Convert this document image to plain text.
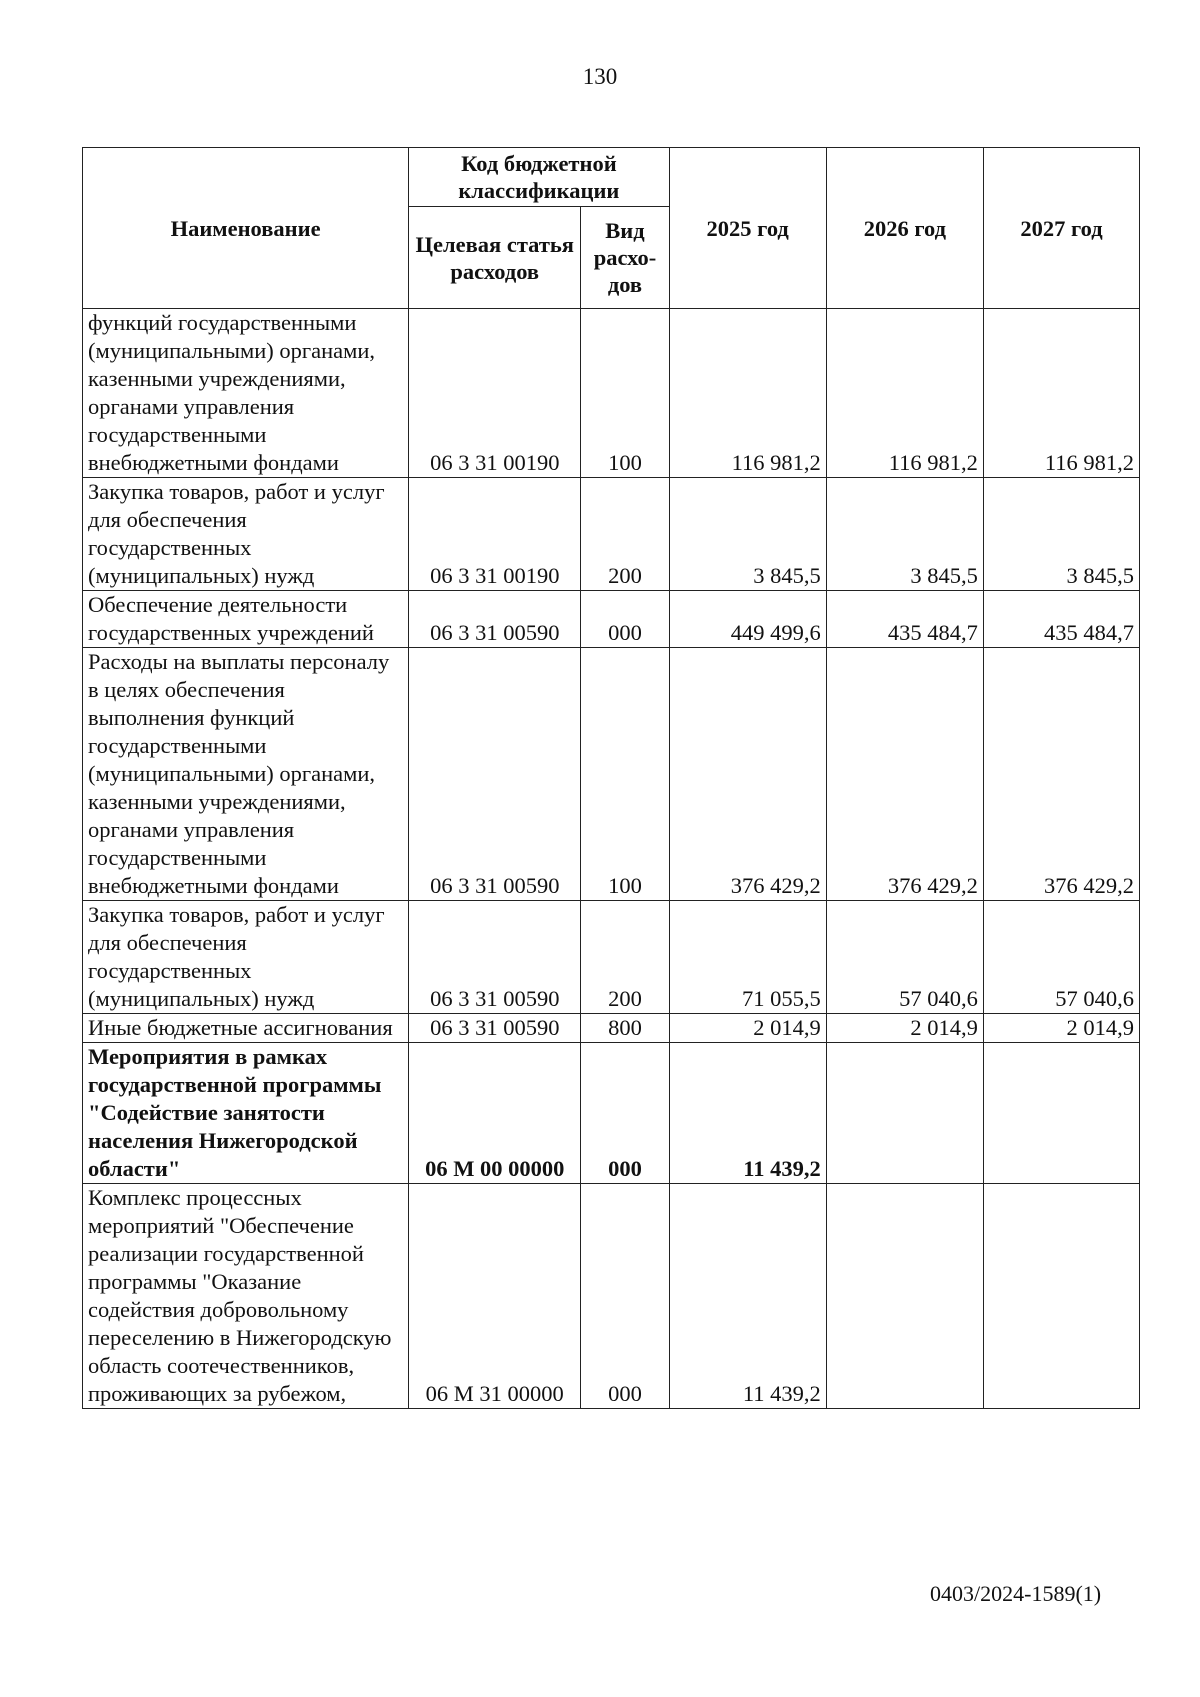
130
Наименование	Код бюджетной классификации		2025 год	2026 год	2027 год
	Целевая статья расходов	Вид расхо-дов			
функций государственными (муниципальными) органами, казенными учреждениями, органами управления государственными внебюджетными фондами	06 3 31 00190	100	116 981,2	116 981,2	116 981,2
Закупка товаров, работ и услуг для обеспечения государственных (муниципальных) нужд	06 3 31 00190	200	3 845,5	3 845,5	3 845,5
Обеспечение деятельности государственных учреждений	06 3 31 00590	000	449 499,6	435 484,7	435 484,7
Расходы на выплаты персоналу в целях обеспечения выполнения функций государственными (муниципальными) органами, казенными учреждениями, органами управления государственными внебюджетными фондами	06 3 31 00590	100	376 429,2	376 429,2	376 429,2
Закупка товаров, работ и услуг для обеспечения государственных (муниципальных) нужд	06 3 31 00590	200	71 055,5	57 040,6	57 040,6
Иные бюджетные ассигнования	06 3 31 00590	800	2 014,9	2 014,9	2 014,9
Мероприятия в рамках государственной программы "Содействие занятости населения Нижегородской области"	06 М 00 00000	000	11 439,2		
Комплекс процессных мероприятий "Обеспечение реализации государственной программы "Оказание содействия добровольному переселению в Нижегородскую область соотечественников, проживающих за рубежом,	06 М 31 00000	000	11 439,2		
0403/2024-1589(1)
